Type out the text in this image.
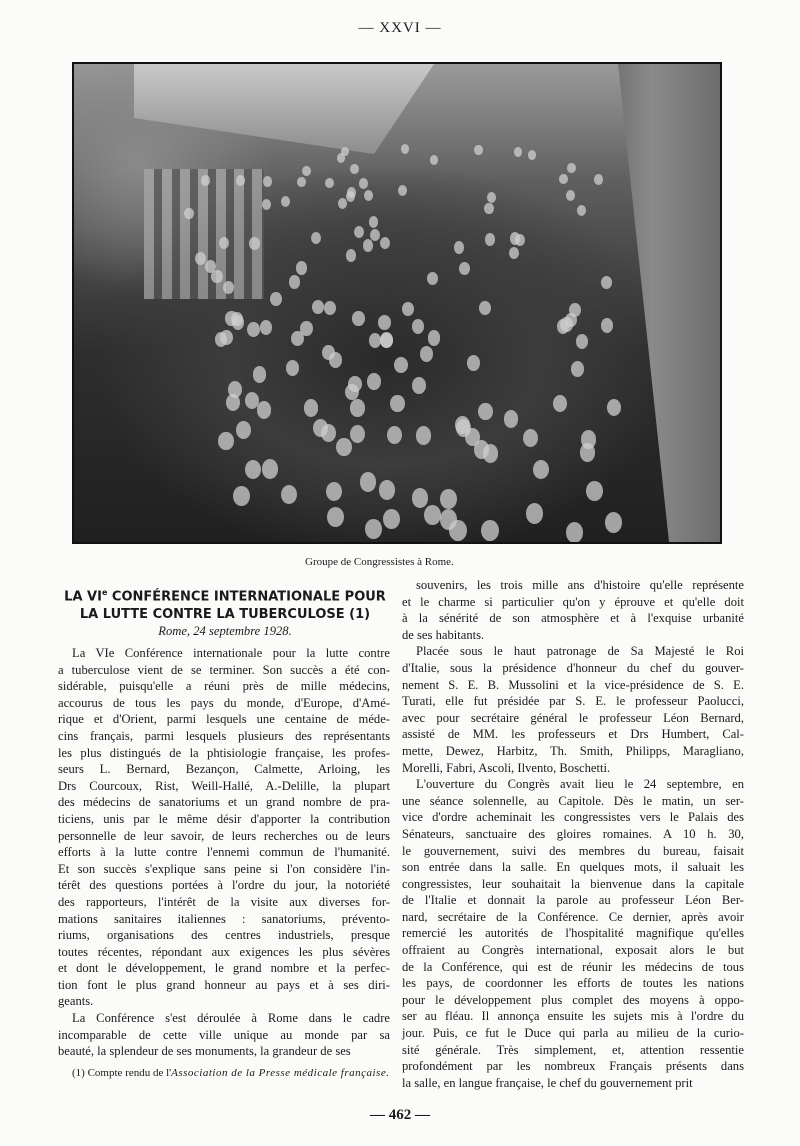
— XXVI —
Groupe de Congressistes à Rome.
LA VIe CONFÉRENCE INTERNATIONALE POUR
LA LUTTE CONTRE LA TUBERCULOSE (1)
Rome, 24 septembre 1928.
La VIe Conférence internationale pour la lutte contre
a tuberculose vient de se terminer. Son succès a été con-
sidérable, puisqu'elle a réuni près de mille médecins,
accourus de tous les pays du monde, d'Europe, d'Amé-
rique et d'Orient, parmi lesquels une centaine de méde-
cins français, parmi lesquels plusieurs des représentants
les plus distingués de la phtisiologie française, les profes-
seurs L. Bernard, Bezançon, Calmette, Arloing, les
Drs Courcoux, Rist, Weill-Hallé, A.-Delille, la plupart
des médecins de sanatoriums et un grand nombre de pra-
ticiens, unis par le même désir d'apporter la contribution
personnelle de leur savoir, de leurs recherches ou de leurs
efforts à la lutte contre l'ennemi commun de l'humanité.
Et son succès s'explique sans peine si l'on considère l'in-
térêt des questions portées à l'ordre du jour, la notoriété
des rapporteurs, l'intérêt de la visite aux diverses for-
mations sanitaires italiennes : sanatoriums, prévento-
riums, organisations des centres industriels, presque
toutes récentes, répondant aux exigences les plus sévères
et dont le développement, le grand nombre et la perfec-
tion font le plus grand honneur au pays et à ses diri-
geants.
La Conférence s'est déroulée à Rome dans le cadre
incomparable de cette ville unique au monde par sa
beauté, la splendeur de ses monuments, la grandeur de ses
souvenirs, les trois mille ans d'histoire qu'elle représente
et le charme si particulier qu'on y éprouve et qu'elle doit
à la sénérité de son atmosphère et à l'exquise urbanité
de ses habitants.
Placée sous le haut patronage de Sa Majesté le Roi
d'Italie, sous la présidence d'honneur du chef du gouver-
nement S. E. B. Mussolini et la vice-présidence de S. E.
Turati, elle fut présidée par S. E. le professeur Paolucci,
avec pour secrétaire général le professeur Léon Bernard,
assisté de MM. les professeurs et Drs Humbert, Cal-
mette, Dewez, Harbitz, Th. Smith, Philipps, Maragliano,
Morelli, Fabri, Ascoli, Ilvento, Boschetti.
L'ouverture du Congrès avait lieu le 24 septembre, en
une séance solennelle, au Capitole. Dès le matin, un ser-
vice d'ordre acheminait les congressistes vers le Palais des
Sénateurs, sanctuaire des gloires romaines. A 10 h. 30,
le gouvernement, suivi des membres du bureau, faisait
son entrée dans la salle. En quelques mots, il saluait les
congressistes, leur souhaitait la bienvenue dans la capitale
de l'Italie et donnait la parole au professeur Léon Ber-
nard, secrétaire de la Conférence. Ce dernier, après avoir
remercié les autorités de l'hospitalité magnifique qu'elles
offraient au Congrès international, exposait alors le but
de la Conférence, qui est de réunir les médecins de tous
les pays, de coordonner les efforts de toutes les nations
pour le développement plus complet des moyens à oppo-
ser au fléau. Il annonça ensuite les sujets mis à l'ordre du
jour. Puis, ce fut le Duce qui parla au milieu de la curio-
sité générale. Très simplement, et, attention ressentie
profondément par les nombreux Français présents dans
la salle, en langue française, le chef du gouvernement prit
(1) Compte rendu de l'Association de la Presse médicale française.
— 462 —
